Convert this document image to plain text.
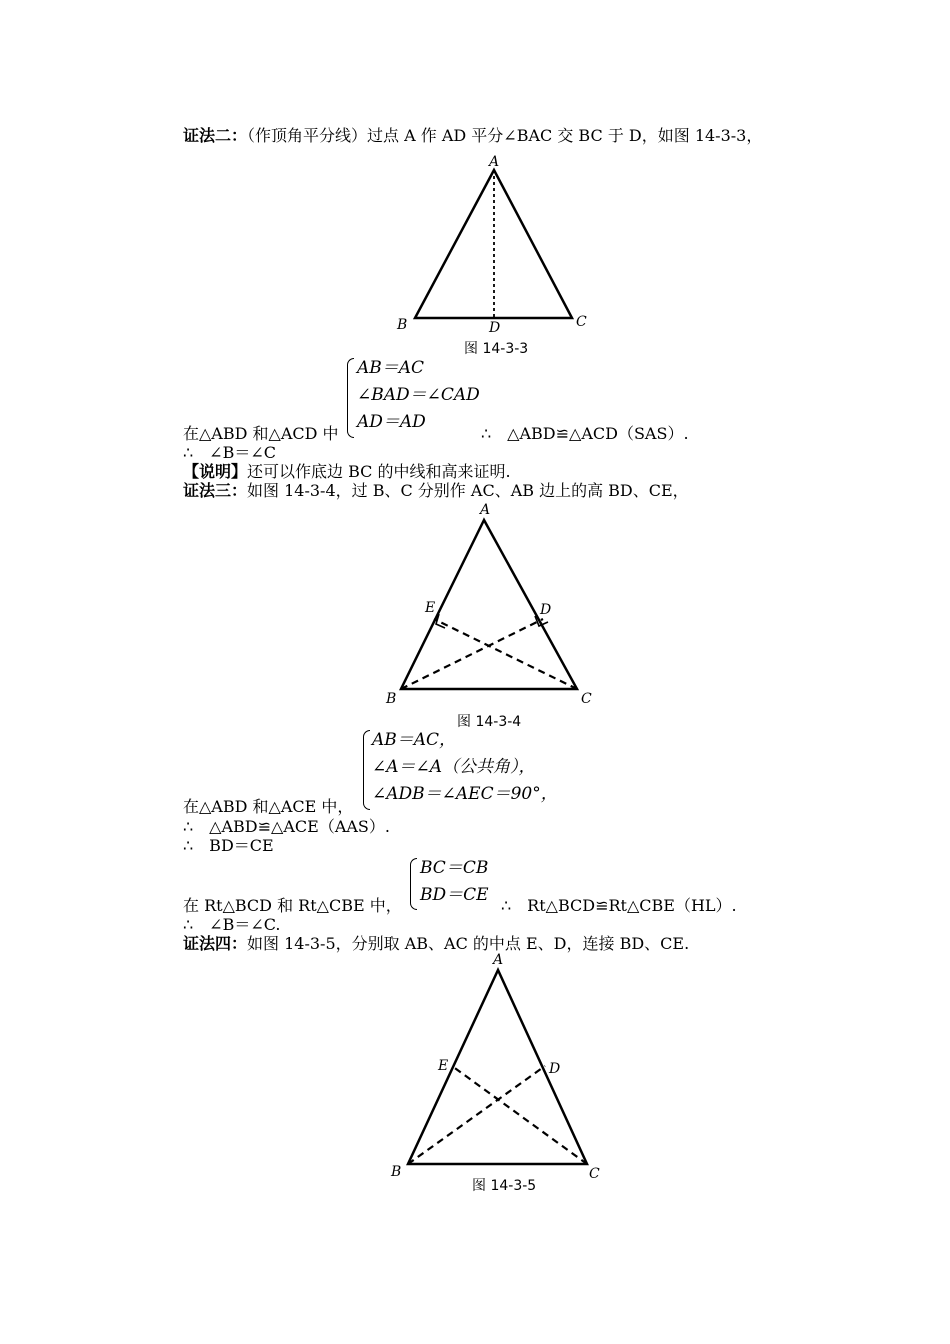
证法二：（作顶角平分线）过点 A 作 AD 平分∠BAC 交 BC 于 D，如图 14-3-3，
A
B	C
D
图 14-3-3
AB＝AC
∠BAD＝∠CAD
AD＝AD
在△ABD 和△ACD 中	∴　△ABD≌△ACD（SAS）.
∴　∠B＝∠C
【说明】还可以作底边 BC 的中线和高来证明.
证法三：如图 14-3-4，过 B、C 分别作 AC、AB 边上的高 BD、CE，
A
B	C
D
E
图 14-3-4
AB＝AC，
∠A＝∠A（公共角），
∠ADB＝∠AEC＝90°，
在△ABD 和△ACE 中，
∴　△ABD≌△ACE（AAS）.
∴　BD＝CE
BC＝CB
BD＝CE
在 Rt△BCD 和 Rt△CBE 中，	∴　Rt△BCD≌Rt△CBE（HL）.
∴　∠B＝∠C.
证法四：如图 14-3-5，分别取 AB、AC 的中点 E、D，连接 BD、CE.
A
B	C
D
E
图 14-3-5
